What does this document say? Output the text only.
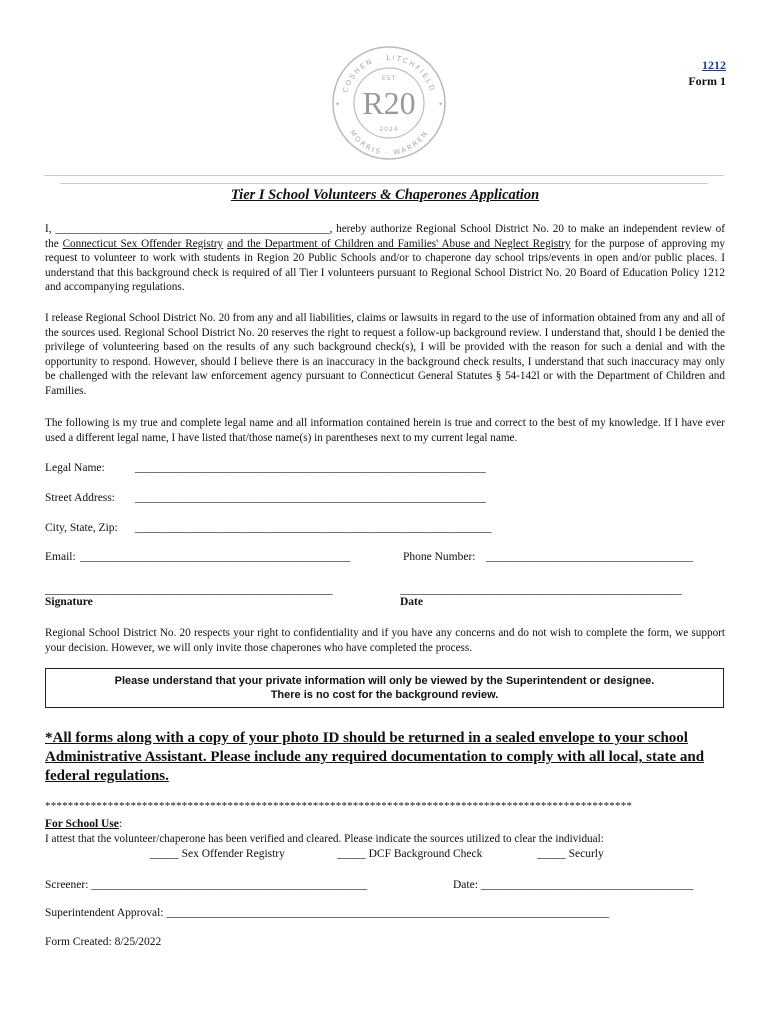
COSHEN · LITCHFIELD
MORRIS · WARREN
EST
R20
2024
✦	✦
1212
Form 1
Tier I School Volunteers & Chaperones Application

I, _________________________________________________, hereby authorize Regional School District No. 20 to make an independent review of the Connecticut Sex Offender Registry and the Department of Children and Families' Abuse and Neglect Registry for the purpose of approving my request to volunteer to work with students in Region 20 Public Schools and/or to chaperone day school trips/events in open and/or public places. I understand that this background check is required of all Tier I volunteers pursuant to Regional School District No. 20 Board of Education Policy 1212 and accompanying regulations.

I release Regional School District No. 20 from any and all liabilities, claims or lawsuits in regard to the use of information obtained from any and all of the sources used. Regional School District No. 20 reserves the right to request a follow-up background review. I understand that, should I be denied the privilege of volunteering based on the results of any such background check(s), I will be provided with the reason for such a denial and with the opportunity to respond. However, should I believe there is an inaccuracy in the background check results, I understand that such inaccuracy may only be challenged with the relevant law enforcement agency pursuant to Connecticut General Statutes § 54-142l or with the Department of Children and Families.

The following is my true and complete legal name and all information contained herein is true and correct to the best of my knowledge. If I have ever used a different legal name, I have listed that/those name(s) in parentheses next to my current legal name.

Legal Name:	_____________________________________________________________
Street Address: _____________________________________________________________
City, State, Zip: ______________________________________________________________
Email: _______________________________________________	Phone Number: ____________________________________
__________________________________________________	_________________________________________________
Signature	Date

Regional School District No. 20 respects your right to confidentiality and if you have any concerns and do not wish to complete the form, we support your decision. However, we will only invite those chaperones who have completed the process.

Please understand that your private information will only be viewed by the Superintendent or designee.
There is no cost for the background review.
*All forms along with a copy of your photo ID should be returned in a sealed envelope to your school Administrative Assistant. Please include any required documentation to comply with all local, state and federal regulations.
*******************************************************************************************************
For School Use:
I attest that the volunteer/chaperone has been verified and cleared. Please indicate the sources utilized to clear the individual:
_____ Sex Offender Registry	_____ DCF Background Check	_____ Securly
Screener: ________________________________________________	Date: _____________________________________
Superintendent Approval: _____________________________________________________________________________
Form Created: 8/25/2022
